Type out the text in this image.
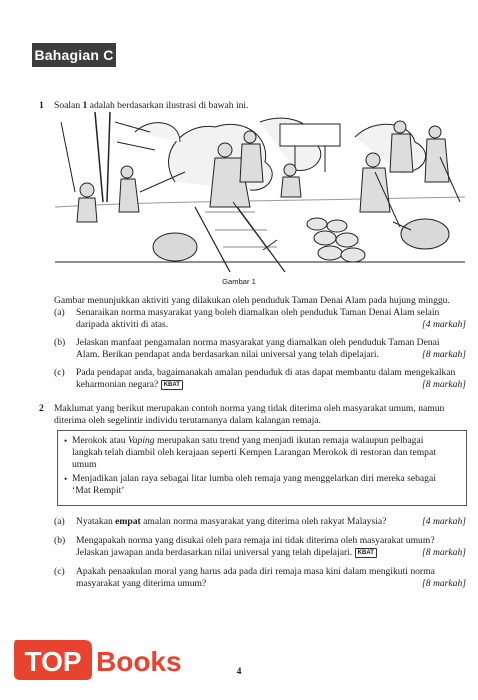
Bahagian C
1 Soalan 1 adalah berdasarkan ilustrasi di bawah ini.
Gambar 1
Gambar menunjukkan aktiviti yang dilakukan oleh penduduk Taman Denai Alam pada hujung minggu.
(a) Senaraikan norma masyarakat yang boleh diamalkan oleh penduduk Taman Denai Alam selain
daripada aktiviti di atas.	[4 markah]
(b) Jelaskan manfaat pengamalan norma masyarakat yang diamalkan oleh penduduk Taman Denai
Alam. Berikan pendapat anda berdasarkan nilai universal yang telah dipelajari.	[8 markah]
(c) Pada pendapat anda, bagaimanakah amalan penduduk di atas dapat membantu dalam mengekalkan
keharmonian negara? KBAT	[8 markah]
2 Maklumat yang berikut merupakan contoh norma yang tidak diterima oleh masyarakat umum, namun
diterima oleh segelintir individu terutamanya dalam kalangan remaja.
• Merokok atau Vaping merupakan satu trend yang menjadi ikutan remaja walaupun pelbagai
langkah telah diambil oleh kerajaan seperti Kempen Larangan Merokok di restoran dan tempat
umum
• Menjadikan jalan raya sebagai litar lumba oleh remaja yang menggelarkan diri mereka sebagai
‘Mat Rempit’
(a) Nyatakan empat amalan norma masyarakat yang diterima oleh rakyat Malaysia?	[4 markah]
(b) Mengapakah norma yang disukai oleh para remaja ini tidak diterima oleh masyarakat umum?
Jelaskan jawapan anda berdasarkan nilai universal yang telah dipelajari. KBAT	[8 markah]
(c) Apakah penaakulan moral yang harus ada pada diri remaja masa kini dalam mengikuti norma
masyarakat yang diterima umum?	[8 markah]
TOP Books	4
